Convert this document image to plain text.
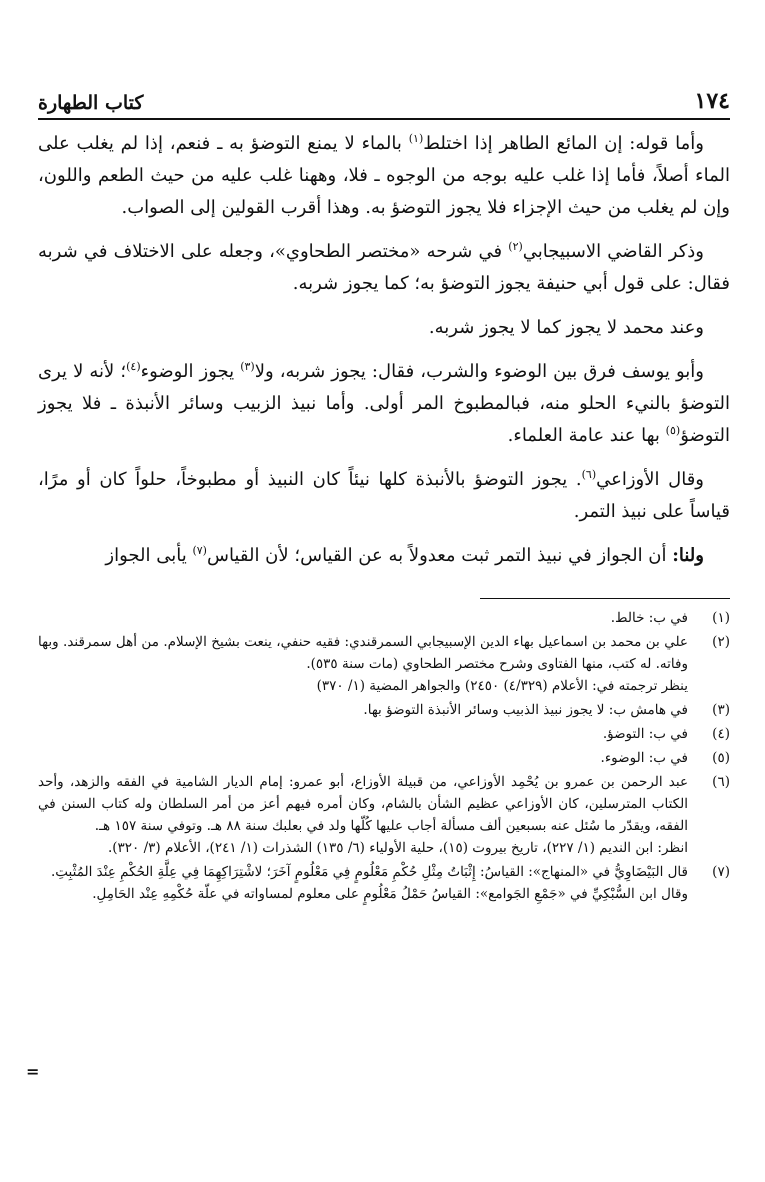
١٧٤
كتاب الطهارة

وأما قوله: إن المائع الطاهر إذا اختلط$^{(١)}$ بالماء لا يمنع التوضؤ به ـ فنعم، إذا لم يغلب على الماء أصلاً، فأما إذا غلب عليه بوجه من الوجوه ـ فلا، وههنا غلب عليه من حيث الطعم واللون، وإن لم يغلب من حيث الإجزاء فلا يجوز التوضؤ به. وهذا أقرب القولين إلى الصواب.

وذكر القاضي الاسبيجابي$^{(٢)}$ في شرحه «مختصر الطحاوي»، وجعله على الاختلاف في شربه فقال: على قول أبي حنيفة يجوز التوضؤ به؛ كما يجوز شربه.

وعند محمد لا يجوز كما لا يجوز شربه.

وأبو يوسف فرق بين الوضوء والشرب، فقال: يجوز شربه، ولا$^{(٣)}$ يجوز الوضوء$^{(٤)}$؛ لأنه لا يرى التوضؤ بالنيء الحلو منه، فبالمطبوخ المر أولى. وأما نبيذ الزبيب وسائر الأنبذة ـ فلا يجوز التوضؤ$^{(٥)}$ بها عند عامة العلماء.

وقال الأوزاعي$^{(٦)}$. يجوز التوضؤ بالأنبذة كلها نيئاً كان النبيذ أو مطبوخاً، حلواً كان أو مرًا، قياساً على نبيذ التمر.

ولنا: أن الجواز في نبيذ التمر ثبت معدولاً به عن القياس؛ لأن القياس$^{(٧)}$ يأبى الجواز

(١)
في ب: خالط.
(٢)
علي بن محمد بن اسماعيل بهاء الدين الإسبيجابي السمرقندي: فقيه حنفي، ينعت بشيخ الإسلام. من أهل سمرقند. وبها وفاته. له كتب، منها الفتاوى وشرح مختصر الطحاوي (مات سنة ٥٣٥).
ينظر ترجمته في: الأعلام (٤/٣٢٩) ٢٤٥٠) والجواهر المضية (١/ ٣٧٠)
(٣)
في هامش ب: لا يجوز نبيذ الذبيب وسائر الأنبذة التوضؤ بها.
(٤)
في ب: التوضؤ.
(٥)
في ب: الوضوء.
(٦)
عبد الرحمن بن عمرو بن يُحْمِد الأوزاعي، من قبيلة الأوزاع، أبو عمرو: إمام الديار الشامية في الفقه والزهد، وأحد الكتاب المترسلين، كان الأوزاعي عظيم الشأن بالشام، وكان أمره فيهم أعز من أمر السلطان وله كتاب السنن في الفقه، ويقدّر ما سُئل عنه بسبعين ألف مسألة أجاب عليها كُلّها ولد في بعلبك سنة ٨٨ هـ. وتوفي سنة ١٥٧ هـ.
انظر: ابن النديم (١/ ٢٢٧)، تاريخ بيروت (١٥)، حلية الأولياء (٦/ ١٣٥) الشذرات (١/ ٢٤١)، الأعلام (٣/ ٣٢٠).
(٧)
قال البَيْضَاوِيُّ في «المنهاج»: القياسُ: إِثْبَاتُ مِثْلِ حُكْمِ مَعْلُومٍ فِي مَعْلُومٍ آخَرَ؛ لاشْتِرَاكِهِمَا فِي عِلَّةِ الحُكْمِ عِنْدَ المُثْبِتِ.
وقال ابن السُّبْكِيِّ في «جَمْعِ الجَوامع»: القياسُ حَمْلُ مَعْلُومٍ على معلوم لمساواته في علّة حُكْمِهِ عِنْد الحَامِلِ.
=
